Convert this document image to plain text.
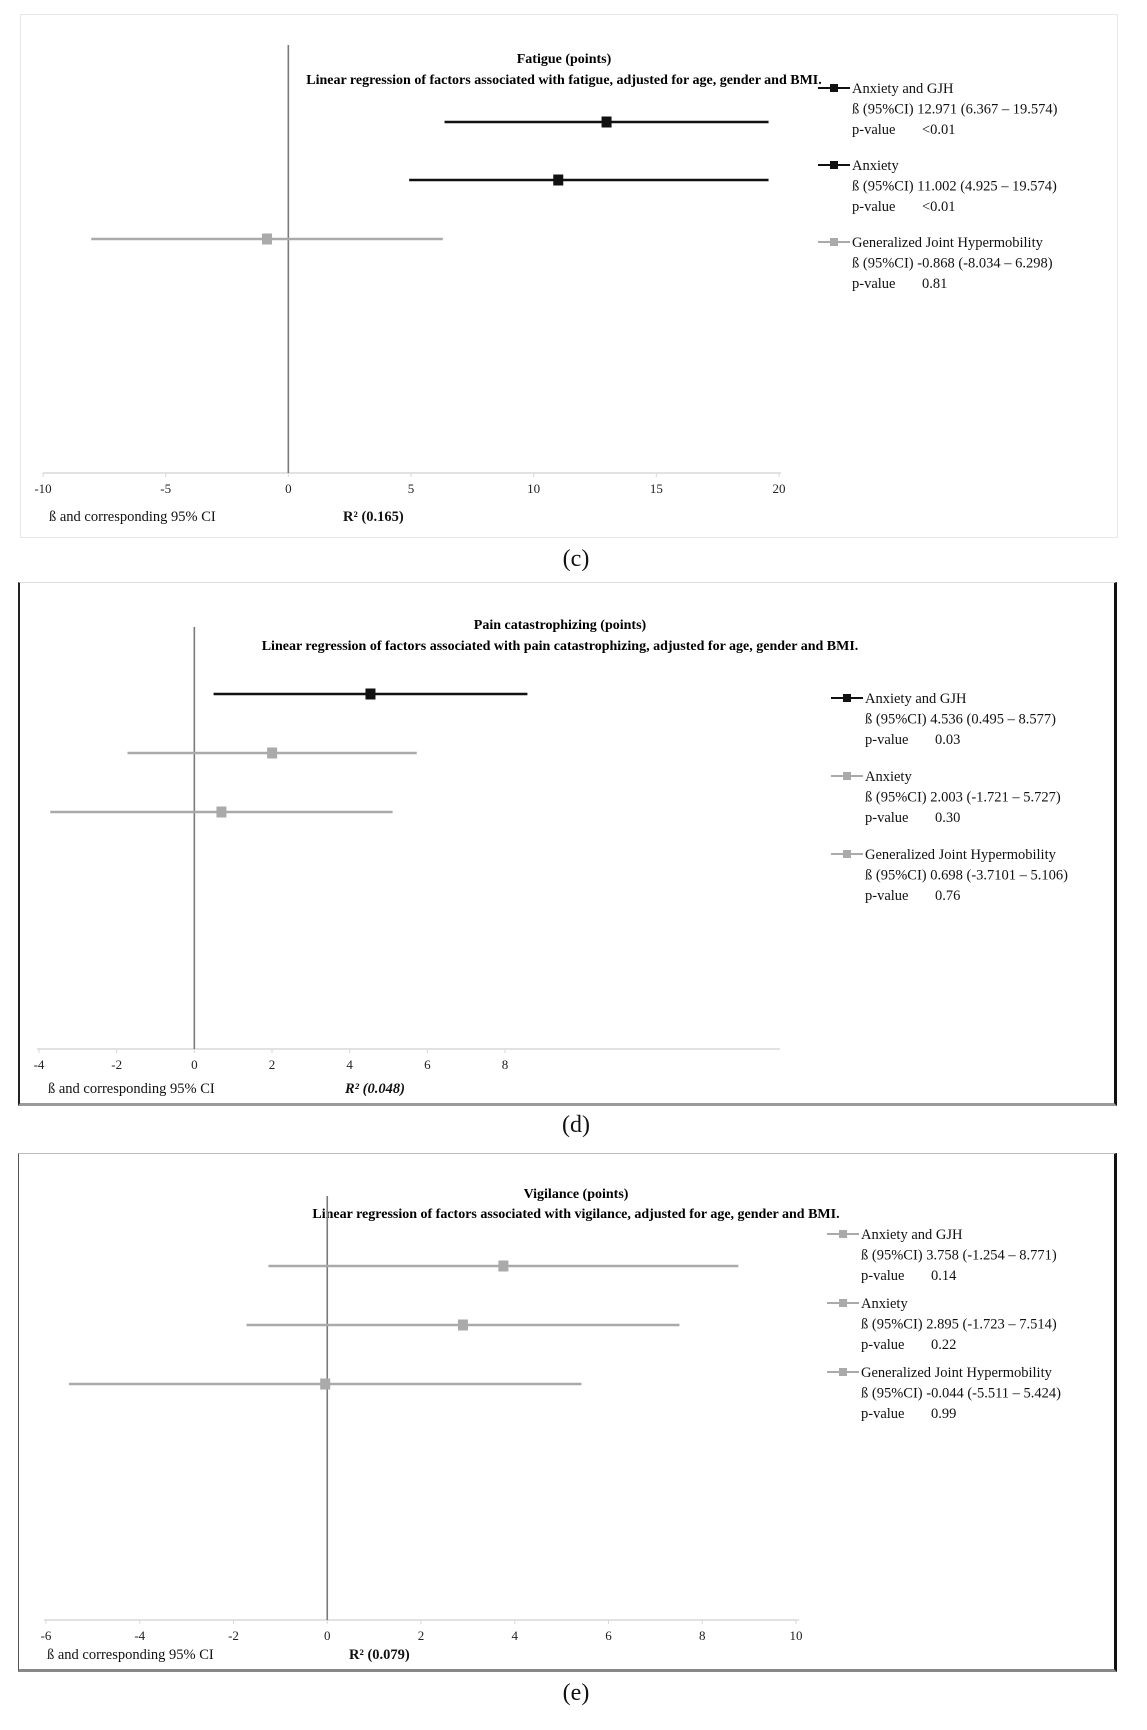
Fatigue (points)
Linear regression of factors associated with fatigue, adjusted for age, gender and BMI.
-10	-5	0	5	10	15	20
Anxiety and GJH
ß (95%CI) 12.971 (6.367 – 19.574)
p-value <0.01
Anxiety
ß (95%CI) 11.002 (4.925 – 19.574)
p-value <0.01
Generalized Joint Hypermobility
ß (95%CI) -0.868 (-8.034 – 6.298)
p-value 0.81
ß and corresponding 95% CI	R² (0.165)
(c)
Pain catastrophizing (points)
Linear regression of factors associated with pain catastrophizing, adjusted for age, gender and BMI.
-4	-2	0	2	4	6	8
Anxiety and GJH
ß (95%CI) 4.536 (0.495 – 8.577)
p-value 0.03
Anxiety
ß (95%CI) 2.003 (-1.721 – 5.727)
p-value 0.30
Generalized Joint Hypermobility
ß (95%CI) 0.698 (-3.7101 – 5.106)
p-value 0.76
ß and corresponding 95% CI	R² (0.048)
(d)
Vigilance (points)
Linear regression of factors associated with vigilance, adjusted for age, gender and BMI.
-6	-4	-2	0	2	4	6	8	10
Anxiety and GJH
ß (95%CI) 3.758 (-1.254 – 8.771)
p-value 0.14
Anxiety
ß (95%CI) 2.895 (-1.723 – 7.514)
p-value 0.22
Generalized Joint Hypermobility
ß (95%CI) -0.044 (-5.511 – 5.424)
p-value 0.99
ß and corresponding 95% CI	R² (0.079)
(e)
